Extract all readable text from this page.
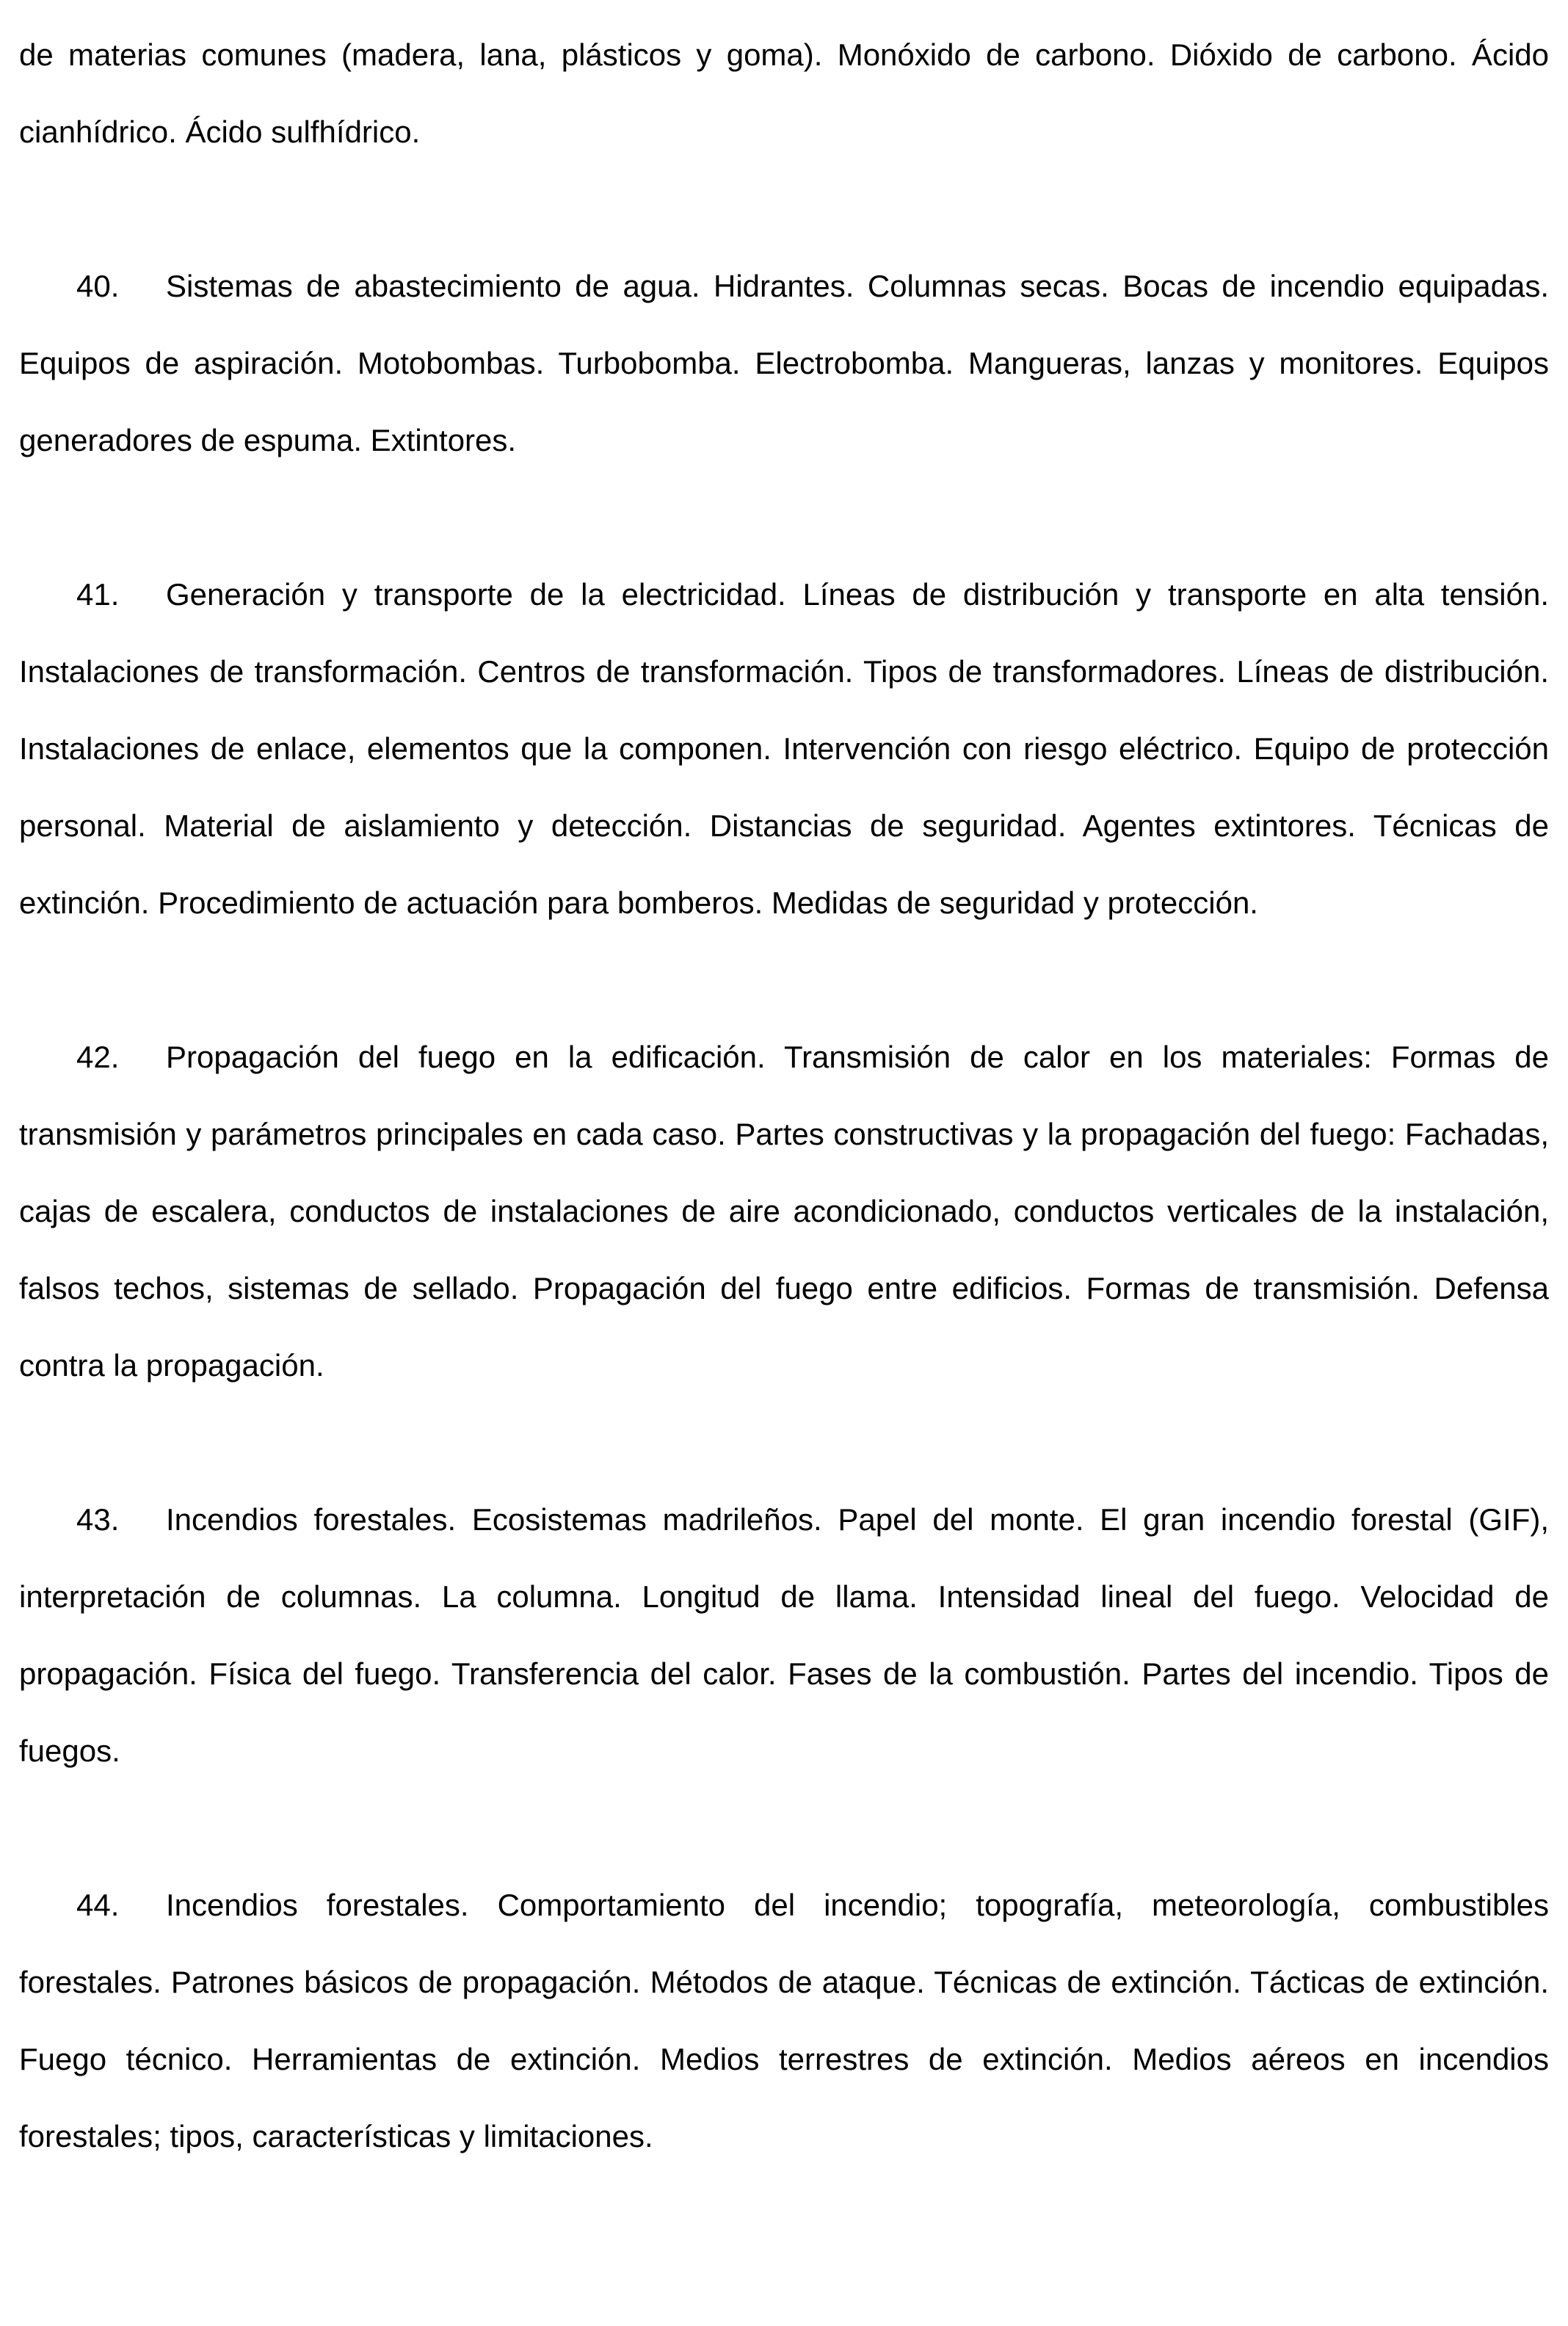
de materias comunes (madera, lana, plásticos y goma). Monóxido de carbono. Dióxido de carbono. Ácido cianhídrico. Ácido sulfhídrico.

40. Sistemas de abastecimiento de agua. Hidrantes. Columnas secas. Bocas de incendio equipadas. Equipos de aspiración. Motobombas. Turbobomba. Electrobomba. Mangueras, lanzas y monitores. Equipos generadores de espuma. Extintores.

41. Generación y transporte de la electricidad. Líneas de distribución y transporte en alta tensión. Instalaciones de transformación. Centros de transformación. Tipos de transformadores. Líneas de distribución. Instalaciones de enlace, elementos que la componen. Intervención con riesgo eléctrico. Equipo de protección personal. Material de aislamiento y detección. Distancias de seguridad. Agentes extintores. Técnicas de extinción. Procedimiento de actuación para bomberos. Medidas de seguridad y protección.

42. Propagación del fuego en la edificación. Transmisión de calor en los materiales: Formas de transmisión y parámetros principales en cada caso. Partes constructivas y la propagación del fuego: Fachadas, cajas de escalera, conductos de instalaciones de aire acondicionado, conductos verticales de la instalación, falsos techos, sistemas de sellado. Propagación del fuego entre edificios. Formas de transmisión. Defensa contra la propagación.

43. Incendios forestales. Ecosistemas madrileños. Papel del monte. El gran incendio forestal (GIF), interpretación de columnas. La columna. Longitud de llama. Intensidad lineal del fuego. Velocidad de propagación. Física del fuego. Transferencia del calor. Fases de la combustión. Partes del incendio. Tipos de fuegos.

44. Incendios forestales. Comportamiento del incendio; topografía, meteorología, combustibles forestales. Patrones básicos de propagación. Métodos de ataque. Técnicas de extinción. Tácticas de extinción. Fuego técnico. Herramientas de extinción. Medios terrestres de extinción. Medios aéreos en incendios forestales; tipos, características y limitaciones.
